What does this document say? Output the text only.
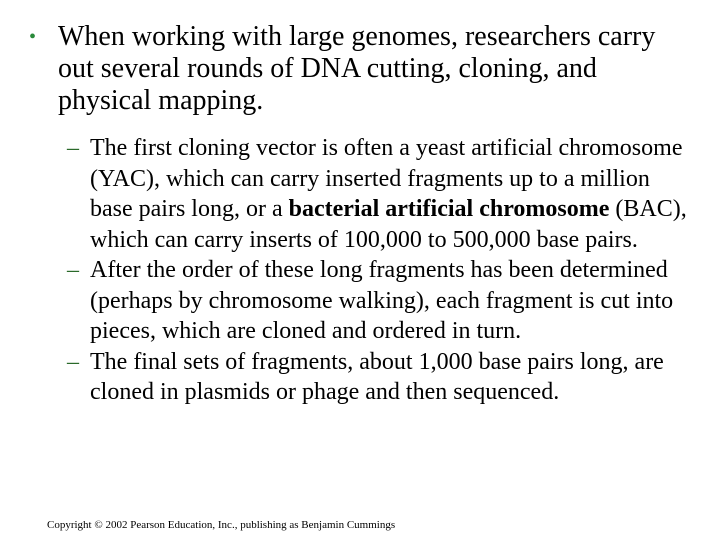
• When working with large genomes, researchers carry out several rounds of DNA cutting, cloning, and physical mapping.

– The first cloning vector is often a yeast artificial chromosome (YAC), which can carry inserted fragments up to a million base pairs long, or a bacterial artificial chromosome (BAC), which can carry inserts of 100,000 to 500,000 base pairs.

– After the order of these long fragments has been determined (perhaps by chromosome walking), each fragment is cut into pieces, which are cloned and ordered in turn.

– The final sets of fragments, about 1,000 base pairs long, are cloned in plasmids or phage and then sequenced.

Copyright © 2002 Pearson Education, Inc., publishing as Benjamin Cummings
